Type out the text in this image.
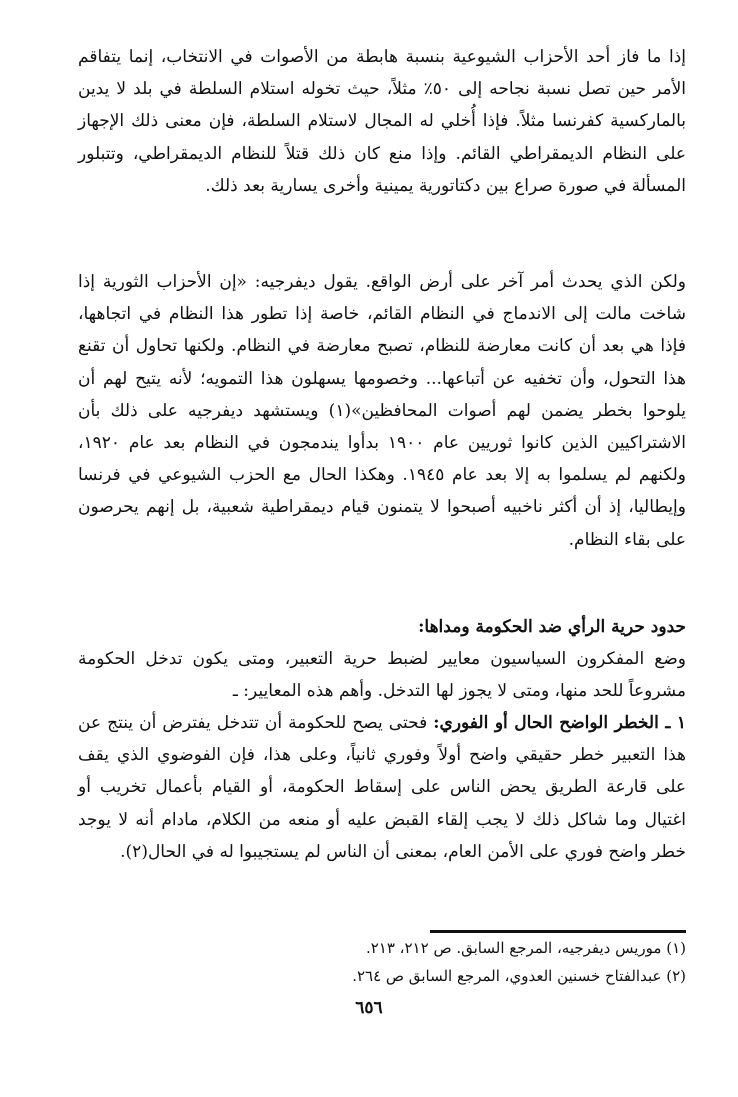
إذا ما فاز أحد الأحزاب الشيوعية بنسبة هابطة من الأصوات في الانتخاب، إنما يتفاقم الأمر حين تصل نسبة نجاحه إلى ٥٠٪ مثلاً، حيث تخوله استلام السلطة في بلد لا يدين بالماركسية كفرنسا مثلاً. فإذا أُخلي له المجال لاستلام السلطة، فإن معنى ذلك الإجهاز على النظام الديمقراطي القائم. وإذا منع كان ذلك قتلاً للنظام الديمقراطي، وتتبلور المسألة في صورة صراع بين دكتاتورية يمينية وأخرى يسارية بعد ذلك.
ولكن الذي يحدث أمر آخر على أرض الواقع. يقول ديفرجيه: «إن الأحزاب الثورية إذا شاخت مالت إلى الاندماج في النظام القائم، خاصة إذا تطور هذا النظام في اتجاهها، فإذا هي بعد أن كانت معارضة للنظام، تصبح معارضة في النظام. ولكنها تحاول أن تقنع هذا التحول، وأن تخفيه عن أتباعها... وخصومها يسهلون هذا التمويه؛ لأنه يتيح لهم أن يلوحوا بخطر يضمن لهم أصوات المحافظين»(١) ويستشهد ديفرجيه على ذلك بأن الاشتراكيين الذين كانوا ثوريين عام ١٩٠٠ بدأوا يندمجون في النظام بعد عام ١٩٢٠، ولكنهم لم يسلموا به إلا بعد عام ١٩٤٥. وهكذا الحال مع الحزب الشيوعي في فرنسا وإيطاليا، إذ أن أكثر ناخبيه أصبحوا لا يتمنون قيام ديمقراطية شعبية، بل إنهم يحرصون على بقاء النظام.
حدود حرية الرأي ضد الحكومة ومداها:
وضع المفكرون السياسيون معايير لضبط حرية التعبير، ومتى يكون تدخل الحكومة مشروعاً للحد منها، ومتى لا يجوز لها التدخل. وأهم هذه المعايير: ـ
١ ـ الخطر الواضح الحال أو الفوري: فحتى يصح للحكومة أن تتدخل يفترض أن ينتج عن هذا التعبير خطر حقيقي واضح أولاً وفوري ثانياً، وعلى هذا، فإن الفوضوي الذي يقف على قارعة الطريق يحض الناس على إسقاط الحكومة، أو القيام بأعمال تخريب أو اغتيال وما شاكل ذلك لا يجب إلقاء القبض عليه أو منعه من الكلام، مادام أنه لا يوجد خطر واضح فوري على الأمن العام، بمعنى أن الناس لم يستجيبوا له في الحال(٢).
(١) موريس ديفرجيه، المرجع السابق. ص ٢١٢، ٢١٣.
(٢) عبدالفتاح خسنين العدوي، المرجع السابق ص ٢٦٤.
٦٥٦
